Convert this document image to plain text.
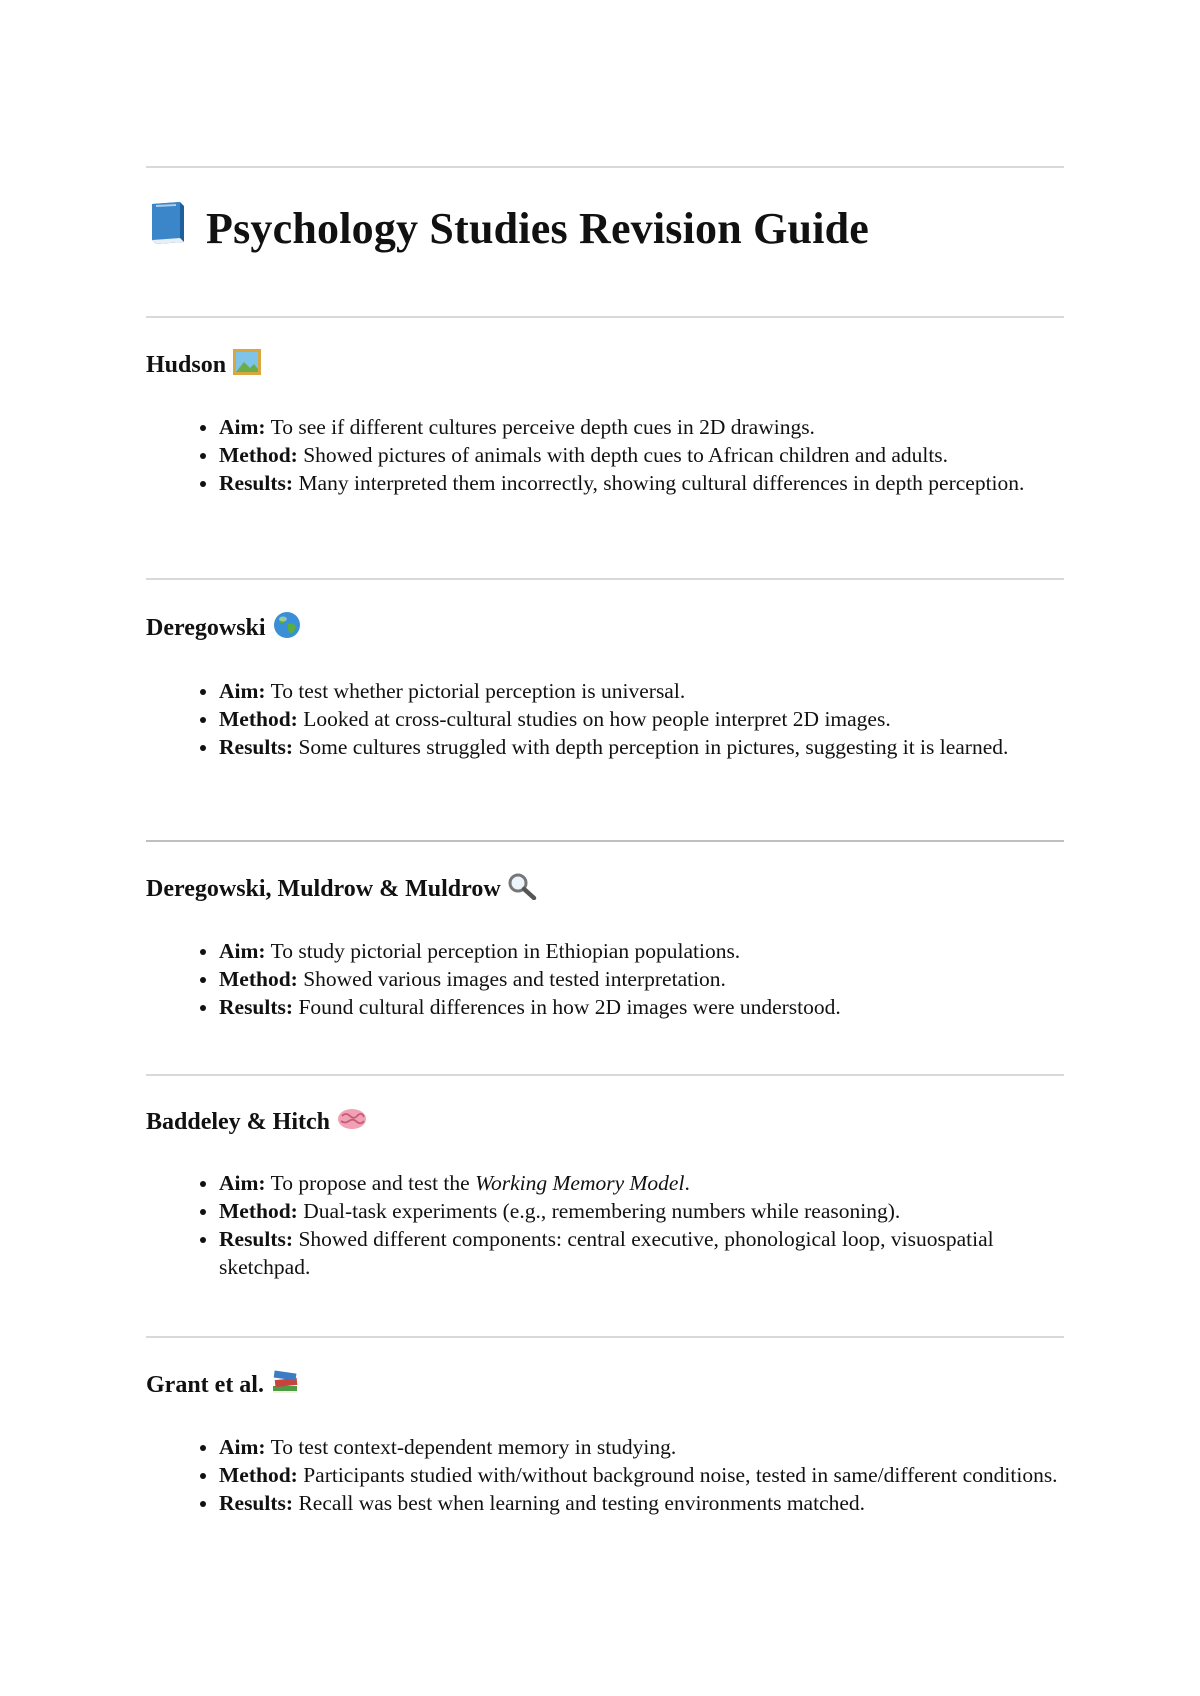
Psychology Studies Revision Guide
Hudson
• Aim: To see if different cultures perceive depth cues in 2D drawings.
• Method: Showed pictures of animals with depth cues to African children and adults.
• Results: Many interpreted them incorrectly, showing cultural differences in depth perception.
Deregowski
• Aim: To test whether pictorial perception is universal.
• Method: Looked at cross-cultural studies on how people interpret 2D images.
• Results: Some cultures struggled with depth perception in pictures, suggesting it is learned.
Deregowski, Muldrow & Muldrow
• Aim: To study pictorial perception in Ethiopian populations.
• Method: Showed various images and tested interpretation.
• Results: Found cultural differences in how 2D images were understood.
Baddeley & Hitch
• Aim: To propose and test the Working Memory Model.
• Method: Dual-task experiments (e.g., remembering numbers while reasoning).
• Results: Showed different components: central executive, phonological loop, visuospatial sketchpad.
Grant et al.
• Aim: To test context-dependent memory in studying.
• Method: Participants studied with/without background noise, tested in same/different conditions.
• Results: Recall was best when learning and testing environments matched.
